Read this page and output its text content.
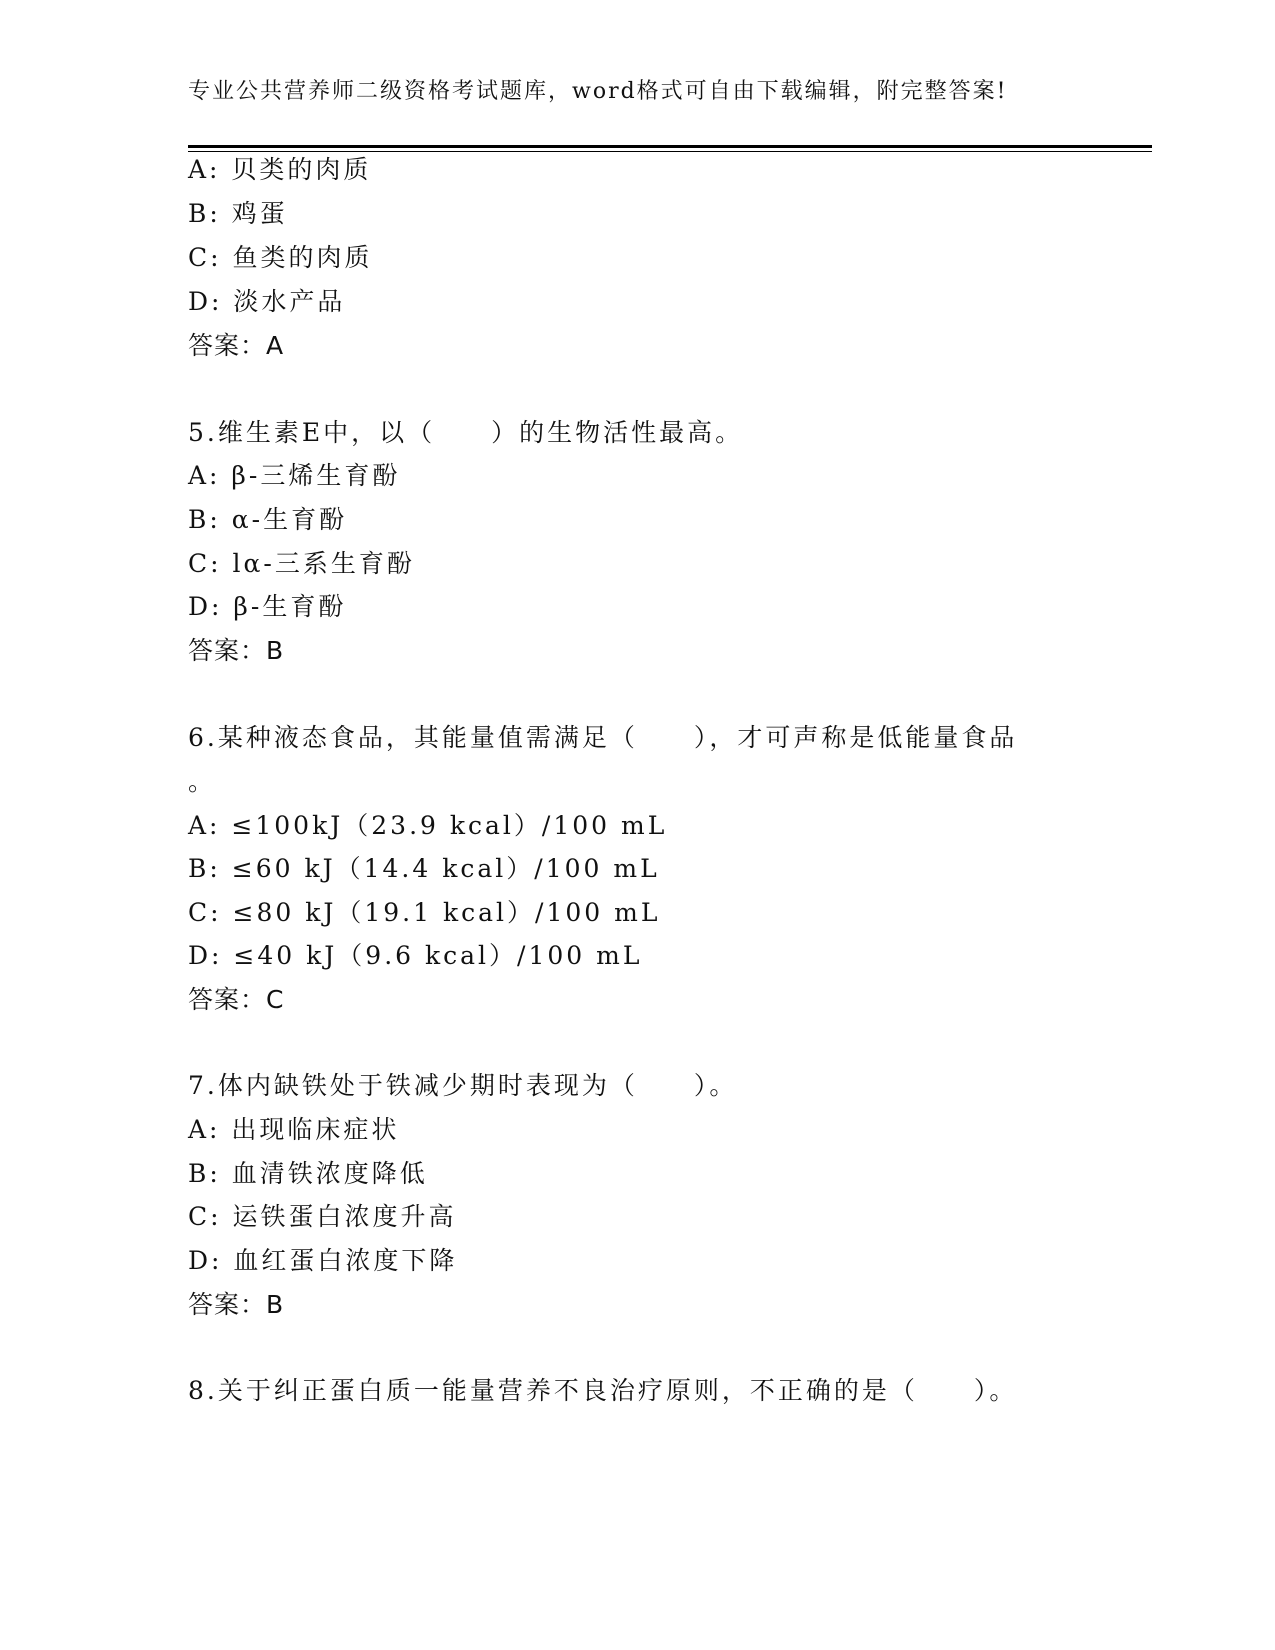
专业公共营养师二级资格考试题库，word格式可自由下载编辑，附完整答案!
A: 贝类的肉质
B: 鸡蛋
C: 鱼类的肉质
D: 淡水产品
答案：A
5.维生素E中，以（　　）的生物活性最高。
A: β-三烯生育酚
B: α-生育酚
C: lα-三系生育酚
D: β-生育酚
答案：B
6.某种液态食品，其能量值需满足（　　），才可声称是低能量食品
。
A: ≤100kJ（23.9 kcal）/100 mL
B: ≤60 kJ（14.4 kcal）/100 mL
C: ≤80 kJ（19.1 kcal）/100 mL
D: ≤40 kJ（9.6 kcal）/100 mL
答案：C
7.体内缺铁处于铁减少期时表现为（　　）。
A: 出现临床症状
B: 血清铁浓度降低
C: 运铁蛋白浓度升高
D: 血红蛋白浓度下降
答案：B
8.关于纠正蛋白质一能量营养不良治疗原则，不正确的是（　　）。
